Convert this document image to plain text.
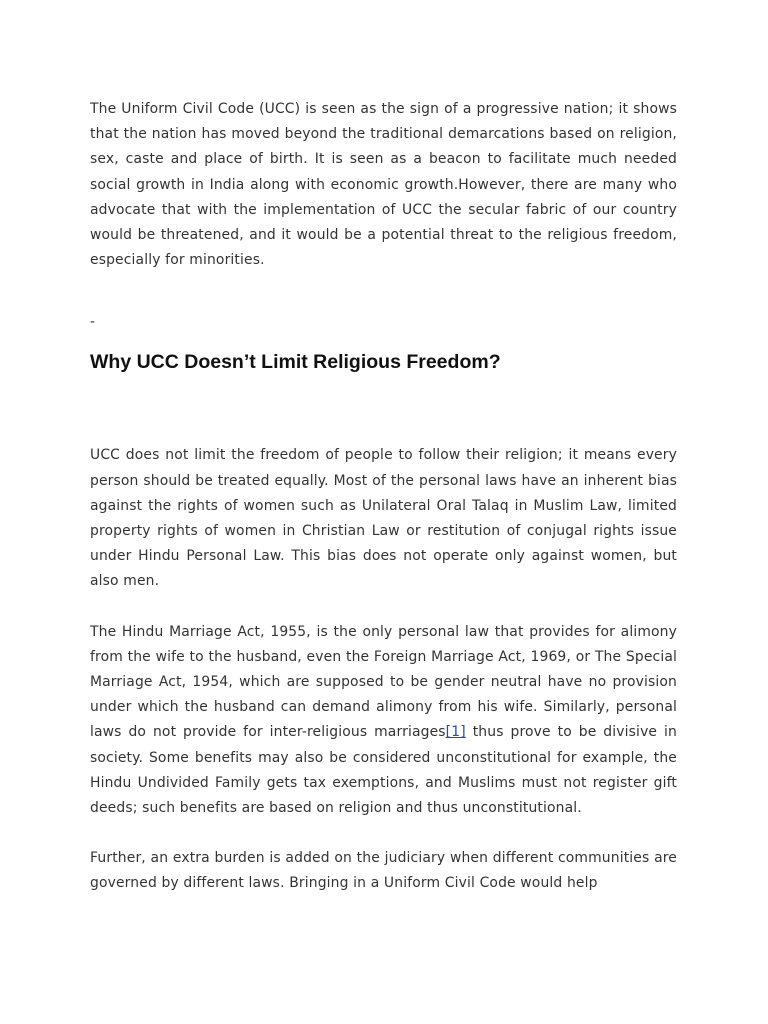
The Uniform Civil Code (UCC) is seen as the sign of a progressive nation; it shows that the nation has moved beyond the traditional demarcations based on religion, sex, caste and place of birth. It is seen as a beacon to facilitate much needed social growth in India along with economic growth.However, there are many who advocate that with the implementation of UCC the secular fabric of our country would be threatened, and it would be a potential threat to the religious freedom, especially for minorities.

-

Why UCC Doesn’t Limit Religious Freedom?

UCC does not limit the freedom of people to follow their religion; it means every person should be treated equally. Most of the personal laws have an inherent bias against the rights of women such as Unilateral Oral Talaq in Muslim Law, limited property rights of women in Christian Law or restitution of conjugal rights issue under Hindu Personal Law. This bias does not operate only against women, but also men.

The Hindu Marriage Act, 1955, is the only personal law that provides for alimony from the wife to the husband, even the Foreign Marriage Act, 1969, or The Special Marriage Act, 1954, which are supposed to be gender neutral have no provision under which the husband can demand alimony from his wife. Similarly, personal laws do not provide for inter-religious marriages[1] thus prove to be divisive in society. Some benefits may also be considered unconstitutional for example, the Hindu Undivided Family gets tax exemptions, and Muslims must not register gift deeds; such benefits are based on religion and thus unconstitutional.

Further, an extra burden is added on the judiciary when different communities are governed by different laws. Bringing in a Uniform Civil Code would help
